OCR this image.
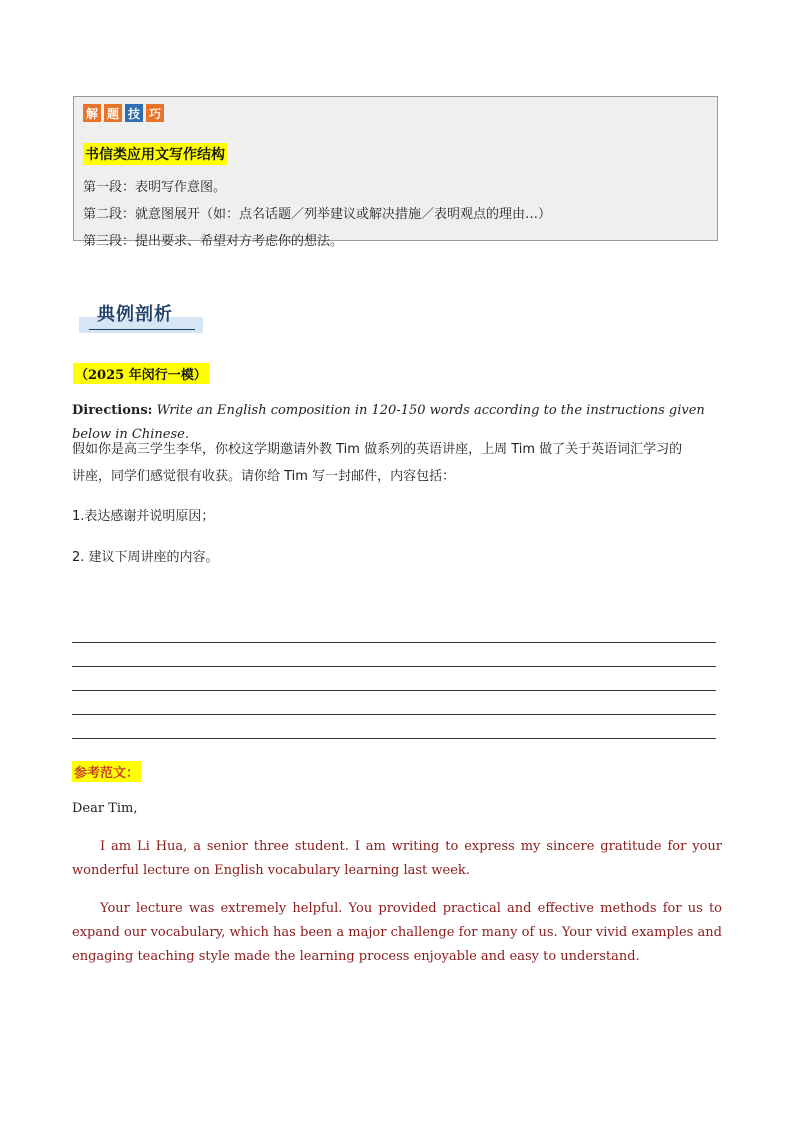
解 题 技 巧
书信类应用文写作结构
第一段：表明写作意图。
第二段：就意图展开（如：点名话题／列举建议或解决措施／表明观点的理由…）
第三段：提出要求、希望对方考虑你的想法。
典例剖析
（2025 年闵行一模）
Directions: Write an English composition in 120-150 words according to the instructions given below in Chinese.
假如你是高三学生李华，你校这学期邀请外教 Tim 做系列的英语讲座，上周 Tim 做了关于英语词汇学习的
讲座，同学们感觉很有收获。请你给 Tim 写一封邮件，内容包括：
1.表达感谢并说明原因；
2. 建议下周讲座的内容。
参考范文：
Dear Tim,
I am Li Hua, a senior three student. I am writing to express my sincere gratitude for your wonderful lecture on English vocabulary learning last week.
Your lecture was extremely helpful. You provided practical and effective methods for us to expand our vocabulary, which has been a major challenge for many of us. Your vivid examples and engaging teaching style made the learning process enjoyable and easy to understand.
